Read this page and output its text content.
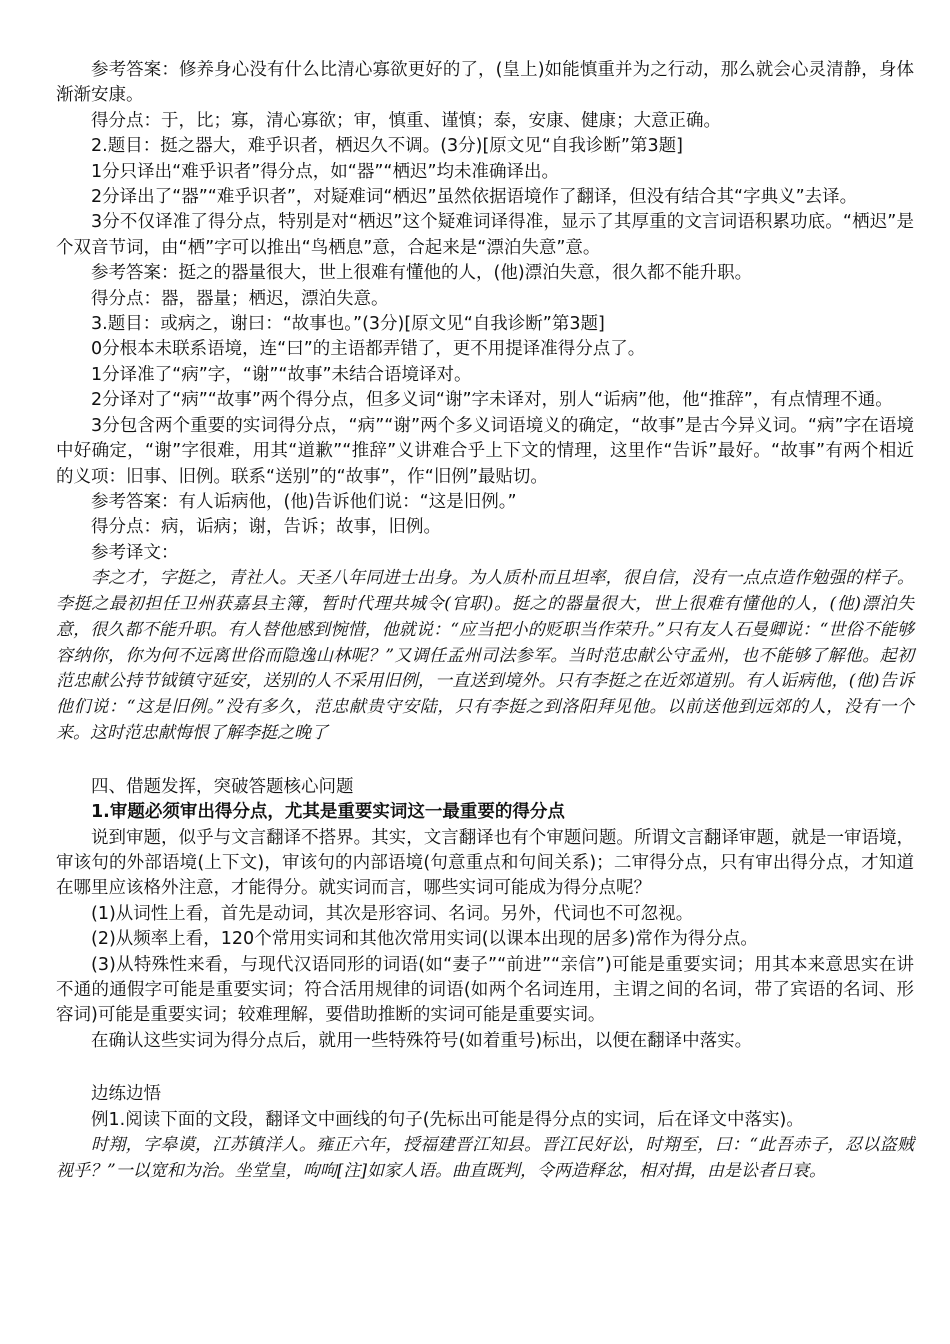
参考答案：修养身心没有什么比清心寡欲更好的了，(皇上)如能慎重并为之行动，那么就会心灵清静，身体渐渐安康。

得分点：于，比；寡，清心寡欲；审，慎重、谨慎；泰，安康、健康；大意正确。

2.题目：挺之器大，难乎识者，栖迟久不调。(3分)[原文见“自我诊断”第3题]

1分只译出“难乎识者”得分点，如“器”“栖迟”均未准确译出。

2分译出了“器”“难乎识者”，对疑难词“栖迟”虽然依据语境作了翻译，但没有结合其“字典义”去译。

3分不仅译准了得分点，特别是对“栖迟”这个疑难词译得准，显示了其厚重的文言词语积累功底。“栖迟”是个双音节词，由“栖”字可以推出“鸟栖息”意，合起来是“漂泊失意”意。

参考答案：挺之的器量很大，世上很难有懂他的人，(他)漂泊失意，很久都不能升职。

得分点：器，器量；栖迟，漂泊失意。

3.题目：或病之，谢曰：“故事也。”(3分)[原文见“自我诊断”第3题]

0分根本未联系语境，连“曰”的主语都弄错了，更不用提译准得分点了。

1分译准了“病”字，“谢”“故事”未结合语境译对。

2分译对了“病”“故事”两个得分点，但多义词“谢”字未译对，别人“诟病”他，他“推辞”，有点情理不通。

3分包含两个重要的实词得分点，“病”“谢”两个多义词语境义的确定，“故事”是古今异义词。“病”字在语境中好确定，“谢”字很难，用其“道歉”“推辞”义讲难合乎上下文的情理，这里作“告诉”最好。“故事”有两个相近的义项：旧事、旧例。联系“送别”的“故事”，作“旧例”最贴切。

参考答案：有人诟病他，(他)告诉他们说：“这是旧例。”

得分点：病，诟病；谢，告诉；故事，旧例。

参考译文：

李之才，字挺之，青社人。天圣八年同进士出身。为人质朴而且坦率，很自信，没有一点点造作勉强的样子。李挺之最初担任卫州获嘉县主簿，暂时代理共城令(官职)。挺之的器量很大，世上很难有懂他的人，(他)漂泊失意，很久都不能升职。有人替他感到惋惜，他就说：“应当把小的贬职当作荣升。”只有友人石曼卿说：“世俗不能够容纳你，你为何不远离世俗而隐逸山林呢？”又调任孟州司法参军。当时范忠献公守孟州，也不能够了解他。起初范忠献公持节钺镇守延安，送别的人不采用旧例，一直送到境外。只有李挺之在近郊道别。有人诟病他，(他)告诉他们说：“这是旧例。”没有多久，范忠献贵守安陆，只有李挺之到洛阳拜见他。以前送他到远郊的人，没有一个来。这时范忠献悔恨了解李挺之晚了

四、借题发挥，突破答题核心问题

1.审题必须审出得分点，尤其是重要实词这一最重要的得分点

说到审题，似乎与文言翻译不搭界。其实，文言翻译也有个审题问题。所谓文言翻译审题，就是一审语境，审该句的外部语境(上下文)，审该句的内部语境(句意重点和句间关系)；二审得分点，只有审出得分点，才知道在哪里应该格外注意，才能得分。就实词而言，哪些实词可能成为得分点呢？

(1)从词性上看，首先是动词，其次是形容词、名词。另外，代词也不可忽视。

(2)从频率上看，120个常用实词和其他次常用实词(以课本出现的居多)常作为得分点。

(3)从特殊性来看，与现代汉语同形的词语(如“妻子”“前进”“亲信”)可能是重要实词；用其本来意思实在讲不通的通假字可能是重要实词；符合活用规律的词语(如两个名词连用，主谓之间的名词，带了宾语的名词、形容词)可能是重要实词；较难理解，要借助推断的实词可能是重要实词。

在确认这些实词为得分点后，就用一些特殊符号(如着重号)标出，以便在翻译中落实。

边练边悟

例1.阅读下面的文段，翻译文中画线的句子(先标出可能是得分点的实词，后在译文中落实)。

时翔，字皋谟，江苏镇洋人。雍正六年，授福建晋江知县。晋江民好讼，时翔至，曰：“此吾赤子，忍以盗贼视乎？”一以宽和为治。坐堂皇，呴呴[注]如家人语。曲直既判，令两造释忿，相对揖，由是讼者日衰。
